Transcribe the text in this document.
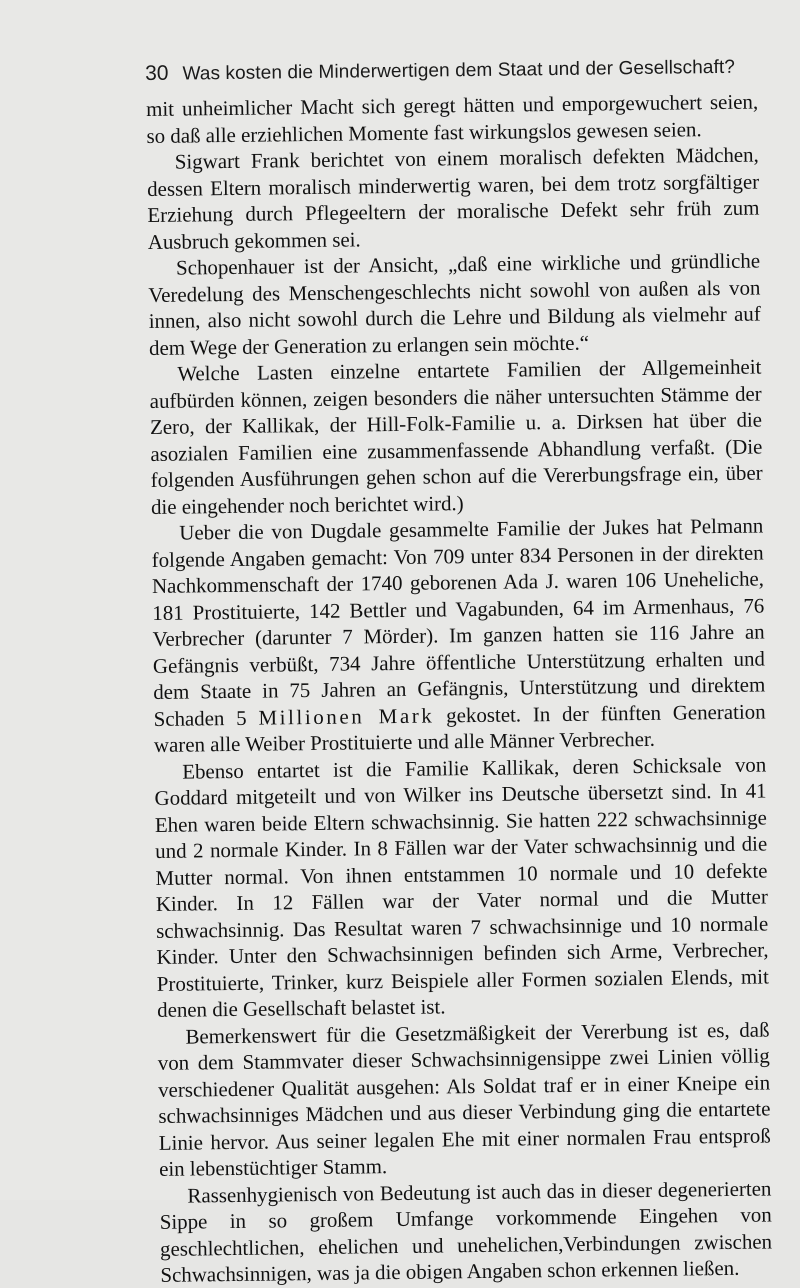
30 Was kosten die Minderwertigen dem Staat und der Gesellschaft?

mit unheimlicher Macht sich geregt hätten und emporgewuchert seien, so daß alle erziehlichen Momente fast wirkungslos gewesen seien.

Sigwart Frank berichtet von einem moralisch defekten Mädchen, dessen Eltern moralisch minderwertig waren, bei dem trotz sorgfältiger Erziehung durch Pflegeeltern der moralische Defekt sehr früh zum Ausbruch gekommen sei.

Schopenhauer ist der Ansicht, „daß eine wirkliche und gründliche Veredelung des Menschengeschlechts nicht sowohl von außen als von innen, also nicht sowohl durch die Lehre und Bildung als vielmehr auf dem Wege der Generation zu erlangen sein möchte.“

Welche Lasten einzelne entartete Familien der Allgemeinheit aufbürden können, zeigen besonders die näher untersuchten Stämme der Zero, der Kallikak, der Hill-Folk-Familie u. a. Dirksen hat über die asozialen Familien eine zusammenfassende Abhandlung verfaßt. (Die folgenden Ausführungen gehen schon auf die Vererbungsfrage ein, über die eingehender noch berichtet wird.)

Ueber die von Dugdale gesammelte Familie der Jukes hat Pelmann folgende Angaben gemacht: Von 709 unter 834 Personen in der direkten Nachkommenschaft der 1740 geborenen Ada J. waren 106 Uneheliche, 181 Prostituierte, 142 Bettler und Vagabunden, 64 im Armenhaus, 76 Verbrecher (darunter 7 Mörder). Im ganzen hatten sie 116 Jahre an Gefängnis verbüßt, 734 Jahre öffentliche Unterstützung erhalten und dem Staate in 75 Jahren an Gefängnis, Unterstützung und direktem Schaden 5 Millionen Mark gekostet. In der fünften Generation waren alle Weiber Prostituierte und alle Männer Verbrecher.

Ebenso entartet ist die Familie Kallikak, deren Schicksale von Goddard mitgeteilt und von Wilker ins Deutsche übersetzt sind. In 41 Ehen waren beide Eltern schwachsinnig. Sie hatten 222 schwachsinnige und 2 normale Kinder. In 8 Fällen war der Vater schwachsinnig und die Mutter normal. Von ihnen entstammen 10 normale und 10 defekte Kinder. In 12 Fällen war der Vater normal und die Mutter schwachsinnig. Das Resultat waren 7 schwachsinnige und 10 normale Kinder. Unter den Schwachsinnigen befinden sich Arme, Verbrecher, Prostituierte, Trinker, kurz Beispiele aller Formen sozialen Elends, mit denen die Gesellschaft belastet ist.

Bemerkenswert für die Gesetzmäßigkeit der Vererbung ist es, daß von dem Stammvater dieser Schwachsinnigensippe zwei Linien völlig verschiedener Qualität ausgehen: Als Soldat traf er in einer Kneipe ein schwachsinniges Mädchen und aus dieser Verbindung ging die entartete Linie hervor. Aus seiner legalen Ehe mit einer normalen Frau entsproß ein lebenstüchtiger Stamm.

Rassenhygienisch von Bedeutung ist auch das in dieser degenerierten Sippe in so großem Umfange vorkommende Eingehen von geschlechtlichen, ehelichen und unehelichen,Verbindungen zwischen Schwachsinnigen, was ja die obigen Angaben schon erkennen ließen.
